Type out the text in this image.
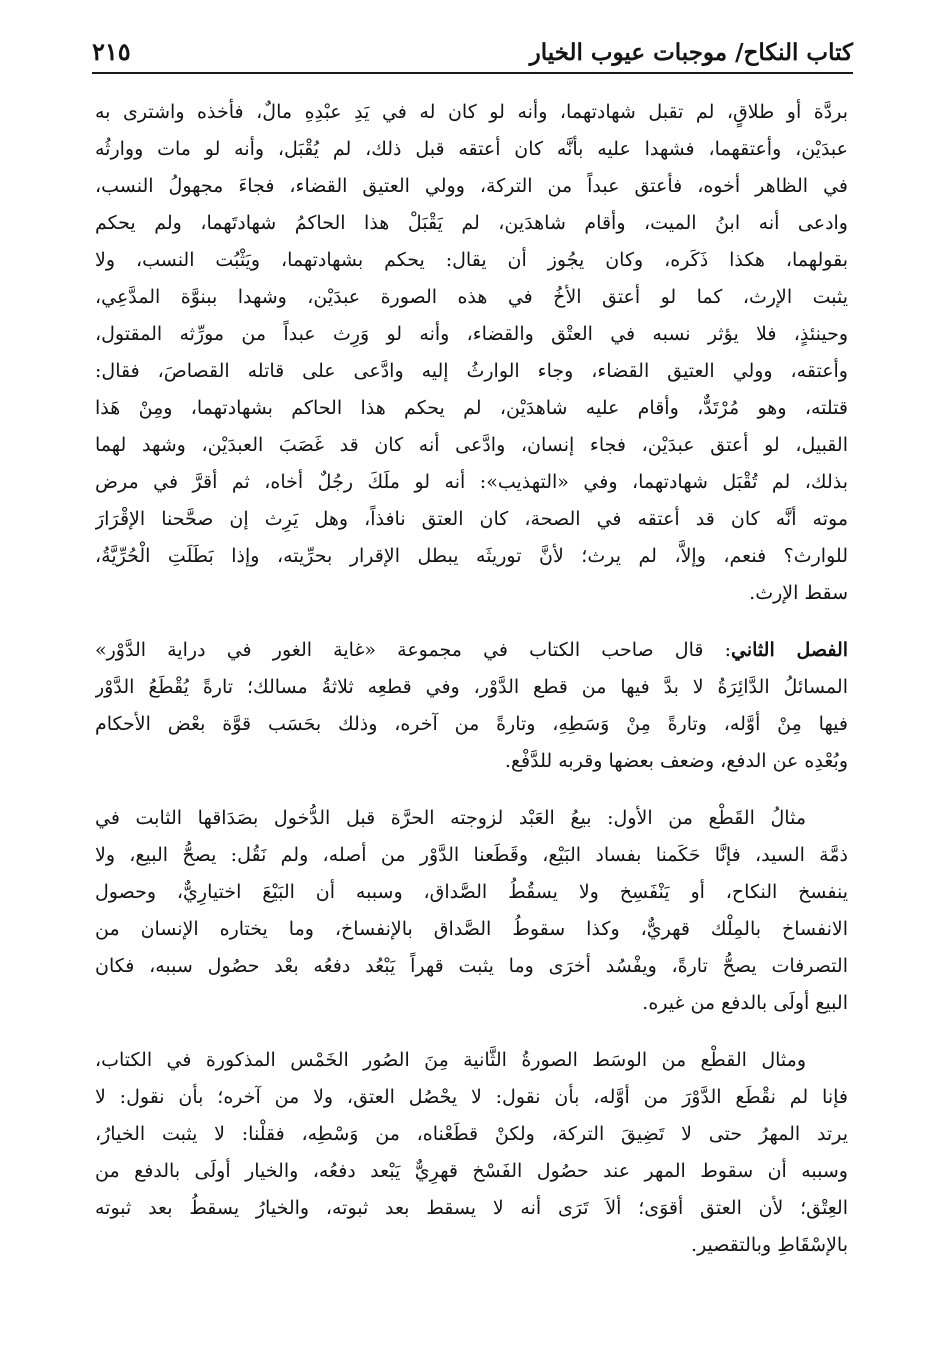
كتاب النكاح/ موجبات عيوب الخيار
٢١٥

بردَّة أو طلاقٍ، لم تقبل شهادتهما، وأنه لو كان له في يَدِ عبْدِهِ مالٌ، فأخذه واشترى به
عبدَيْن، وأعتقهما، فشهدا عليه بأنَّه كان أعتقه قبل ذلك، لم يُقْبَل، وأنه لو مات ووارثُه
في الظاهر أخوه، فأعتق عبداً من التركة، وولي العتيق القضاء، فجاءَ مجهولُ النسب،
وادعى أنه ابنُ الميت، وأقام شاهدَين، لم يَقْبَلْ هذا الحاكمُ شهادتَهما، ولم يحكم
بقولهما، هكذا ذَكَره، وكان يجُوز أن يقال: يحكم بشهادتهما، ويَثْبُت النسب، ولا
يثبت الإرث، كما لو أعتق الأخُ في هذه الصورة عبدَيْن، وشهدا ببنوَّة المدَّعِي،
وحينئذٍ، فلا يؤثر نسبه في العتْق والقضاء، وأنه لو وَرِث عبداً من مورِّثه المقتول،
وأعتقه، وولي العتيق القضاء، وجاء الوارثُ إليه وادَّعى على قاتله القصاصَ، فقال:
قتلته، وهو مُرْتَدٌّ، وأقام عليه شاهدَيْن، لم يحكم هذا الحاكم بشهادتهما، ومِنْ هَذا
القبيل، لو أعتق عبدَيْن، فجاء إنسان، وادَّعى أنه كان قد غَصَبَ العبدَيْن، وشهد لهما
بذلك، لم تُقْبَل شهادتهما، وفي «التهذيب»: أنه لو ملَكَ رجُلٌ أخاه، ثم أقرَّ في مرض
موته أنَّه كان قد أعتقه في الصحة، كان العتق نافذاً، وهل يَرِث إن صحَّحنا الإقْرَارَ
للوارث؟ فنعم، وإلاَّ، لم يرث؛ لأنَّ توريثَه يبطل الإقرار بحرِّيته، وإذا بَطَلَتِ الْحُرِّيَّةُ،
سقط الإرث.

الفصل الثاني: قال صاحب الكتاب في مجموعة «غاية الغور في دراية الدَّوْر»
المسائلُ الدَّائِرَةُ لا بدَّ فيها من قطع الدَّوْر، وفي قطعِه ثلاثةُ مسالك؛ تارةً يُقْطَعُ الدَّوْر
فيها مِنْ أوَّله، وتارةً مِنْ وَسَطِهِ، وتارةً من آخره، وذلك بحَسَب قوَّة بعْض الأحكام
وبُعْدِه عن الدفع، وضعف بعضها وقربه للدَّفْع.

مثالُ القَطْع من الأول: بيعُ العَبْد لزوجته الحرَّة قبل الدُّخول بصَدَاقها الثابت في
ذمَّة السيد، فإنَّا حَكَمنا بفساد البَيْع، وقَطَعنا الدَّوْر من أصله، ولم نَقُل: يصحُّ البيع، ولا
ينفسخ النكاح، أو يَنْفَسِخ ولا يسقُطُ الصَّداق، وسببه أن البَيْعَ اختيارِيٌّ، وحصول
الانفساخ بالمِلْك قهريٌّ، وكذا سقوطُ الصَّداق بالإنفساخ، وما يختاره الإنسان من
التصرفات يصحُّ تارةً، ويفْسُد أخرَى وما يثبت قهراً يَبْعُد دفعُه بعْد حصُول سببه، فكان
البيع أولَى بالدفع من غيره.

ومثال القطْع من الوسَط الصورةُ الثَّانية مِنَ الصُور الخَمْس المذكورة في الكتاب،
فإنا لم نقْطَع الدَّوْرَ من أوَّله، بأن نقول: لا يحْصُل العتق، ولا من آخره؛ بأن نقول: لا
يرتد المهرُ حتى لا تَضِيقَ التركة، ولكنْ قطَعْناه، من وَسْطِه، فقلْنا: لا يثبت الخيارُ،
وسببه أن سقوط المهر عند حصُول الفَسْخ قهرِيٌّ يَبْعد دفعُه، والخيار أولَى بالدفع من
العِتْق؛ لأن العتق أقوَى؛ ألاَ تَرَى أنه لا يسقط بعد ثبوته، والخيارُ يسقطُ بعد ثبوته
بالإسْقَاطِ وبالتقصير.
